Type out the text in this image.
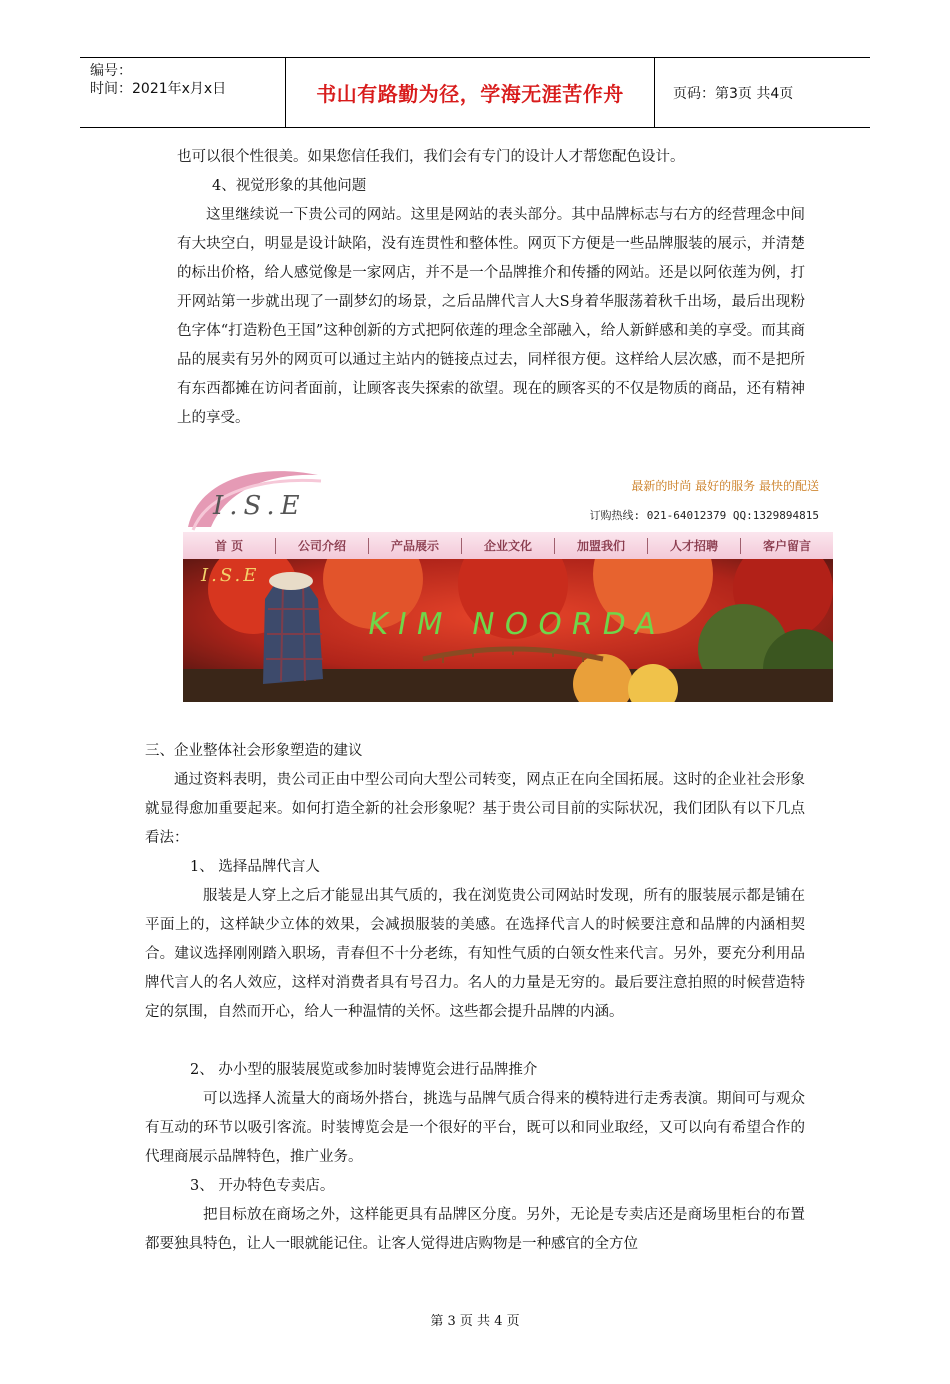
编号：
时间：2021年x月x日	书山有路勤为径，学海无涯苦作舟	页码：第3页 共4页
也可以很个性很美。如果您信任我们，我们会有专门的设计人才帮您配色设计。
4、视觉形象的其他问题
这里继续说一下贵公司的网站。这里是网站的表头部分。其中品牌标志与右方的经营理念中间有大块空白，明显是设计缺陷，没有连贯性和整体性。网页下方便是一些品牌服装的展示，并清楚的标出价格，给人感觉像是一家网店，并不是一个品牌推介和传播的网站。还是以阿依莲为例，打开网站第一步就出现了一副梦幻的场景，之后品牌代言人大S身着华服荡着秋千出场，最后出现粉色字体“打造粉色王国”这种创新的方式把阿依莲的理念全部融入，给人新鲜感和美的享受。而其商品的展卖有另外的网页可以通过主站内的链接点过去，同样很方便。这样给人层次感，而不是把所有东西都摊在访问者面前，让顾客丧失探索的欲望。现在的顾客买的不仅是物质的商品，还有精神上的享受。
I.S.E
最新的时尚 最好的服务 最快的配送
订购热线: 021-64012379 QQ:1329894815
首 页	公司介绍	产品展示	企业文化	加盟我们	人才招聘	客户留言
I.S.E
KIM NOORDA
三、企业整体社会形象塑造的建议
通过资料表明，贵公司正由中型公司向大型公司转变，网点正在向全国拓展。这时的企业社会形象就显得愈加重要起来。如何打造全新的社会形象呢？基于贵公司目前的实际状况，我们团队有以下几点看法：
1、 选择品牌代言人
服装是人穿上之后才能显出其气质的，我在浏览贵公司网站时发现，所有的服装展示都是铺在平面上的，这样缺少立体的效果，会减损服装的美感。在选择代言人的时候要注意和品牌的内涵相契合。建议选择刚刚踏入职场，青春但不十分老练，有知性气质的白领女性来代言。另外，要充分利用品牌代言人的名人效应，这样对消费者具有号召力。名人的力量是无穷的。最后要注意拍照的时候营造特定的氛围，自然而开心，给人一种温情的关怀。这些都会提升品牌的内涵。
2、 办小型的服装展览或参加时装博览会进行品牌推介
可以选择人流量大的商场外搭台，挑选与品牌气质合得来的模特进行走秀表演。期间可与观众有互动的环节以吸引客流。时装博览会是一个很好的平台，既可以和同业取经，又可以向有希望合作的代理商展示品牌特色，推广业务。
3、 开办特色专卖店。
把目标放在商场之外，这样能更具有品牌区分度。另外，无论是专卖店还是商场里柜台的布置都要独具特色，让人一眼就能记住。让客人觉得进店购物是一种感官的全方位
第 3 页 共 4 页
